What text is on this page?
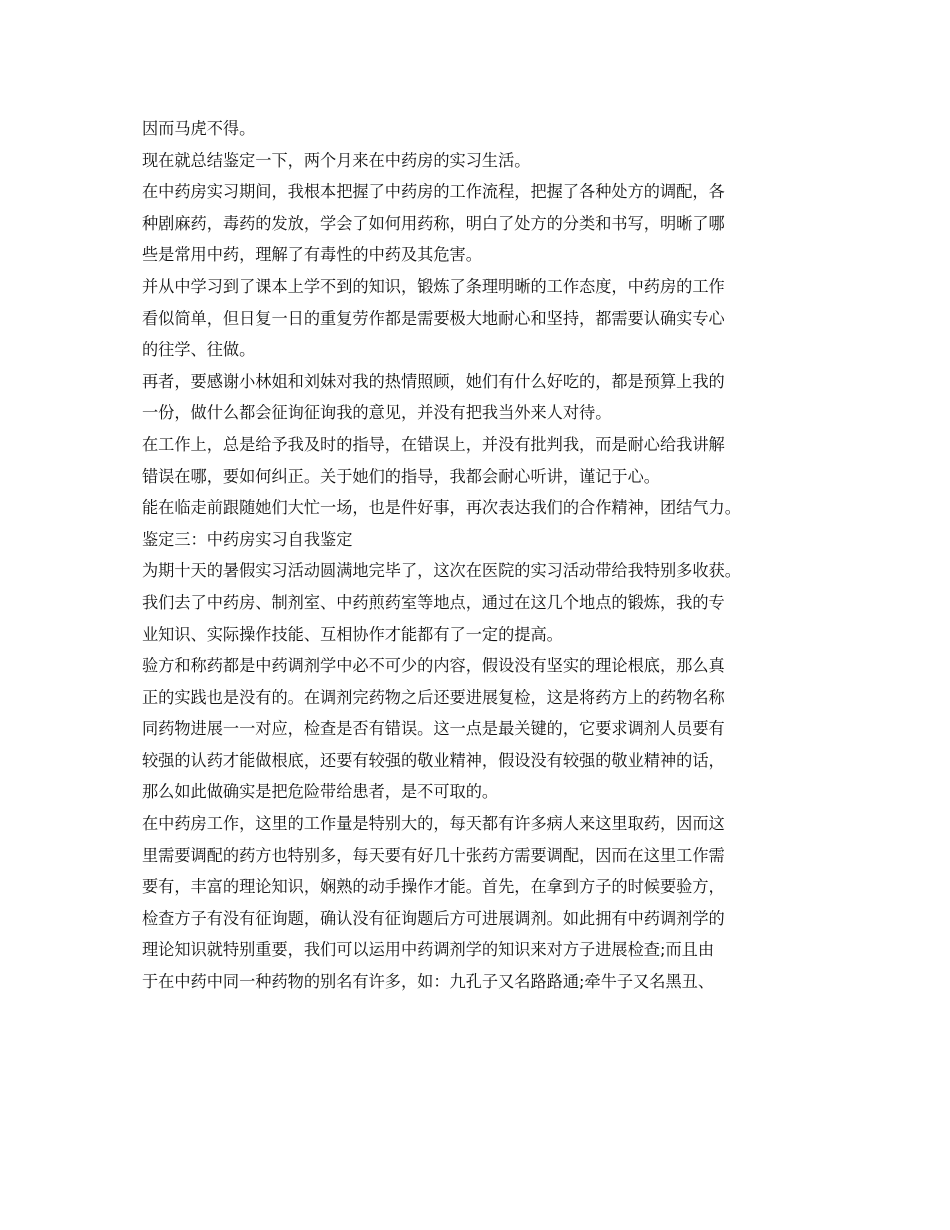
因而马虎不得。
现在就总结鉴定一下，两个月来在中药房的实习生活。
在中药房实习期间，我根本把握了中药房的工作流程，把握了各种处方的调配，各
种剧麻药，毒药的发放，学会了如何用药称，明白了处方的分类和书写，明晰了哪
些是常用中药，理解了有毒性的中药及其危害。
并从中学习到了课本上学不到的知识，锻炼了条理明晰的工作态度，中药房的工作
看似简单，但日复一日的重复劳作都是需要极大地耐心和坚持，都需要认确实专心
的往学、往做。
再者，要感谢小林姐和刘妹对我的热情照顾，她们有什么好吃的，都是预算上我的
一份，做什么都会征询征询我的意见，并没有把我当外来人对待。
在工作上，总是给予我及时的指导，在错误上，并没有批判我，而是耐心给我讲解
错误在哪，要如何纠正。关于她们的指导，我都会耐心听讲，谨记于心。
能在临走前跟随她们大忙一场，也是件好事，再次表达我们的合作精神，团结气力。
鉴定三：中药房实习自我鉴定
为期十天的暑假实习活动圆满地完毕了，这次在医院的实习活动带给我特别多收获。
我们去了中药房、制剂室、中药煎药室等地点，通过在这几个地点的锻炼，我的专
业知识、实际操作技能、互相协作才能都有了一定的提高。
验方和称药都是中药调剂学中必不可少的内容，假设没有坚实的理论根底，那么真
正的实践也是没有的。在调剂完药物之后还要进展复检，这是将药方上的药物名称
同药物进展一一对应，检查是否有错误。这一点是最关键的，它要求调剂人员要有
较强的认药才能做根底，还要有较强的敬业精神，假设没有较强的敬业精神的话，
那么如此做确实是把危险带给患者，是不可取的。
在中药房工作，这里的工作量是特别大的，每天都有许多病人来这里取药，因而这
里需要调配的药方也特别多，每天要有好几十张药方需要调配，因而在这里工作需
要有，丰富的理论知识，娴熟的动手操作才能。首先，在拿到方子的时候要验方，
检查方子有没有征询题，确认没有征询题后方可进展调剂。如此拥有中药调剂学的
理论知识就特别重要，我们可以运用中药调剂学的知识来对方子进展检查;而且由
于在中药中同一种药物的别名有许多，如：九孔子又名路路通;牵牛子又名黑丑、
